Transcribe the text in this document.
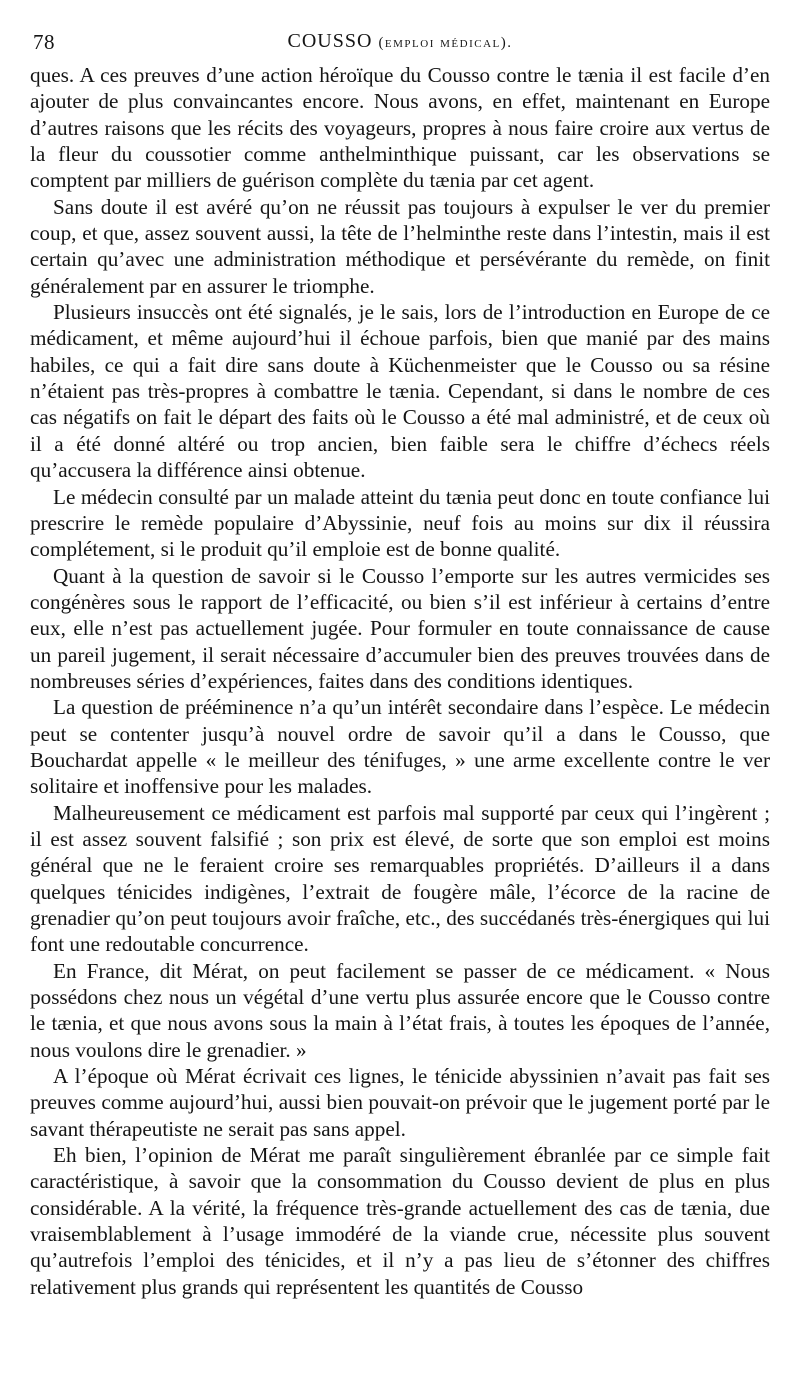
78	COUSSO (emploi médical).

ques. A ces preuves d’une action héroïque du Cousso contre le tænia il est facile d’en ajouter de plus convaincantes encore. Nous avons, en effet, maintenant en Europe d’autres raisons que les récits des voyageurs, propres à nous faire croire aux vertus de la fleur du coussotier comme anthelminthique puissant, car les observations se comptent par milliers de guérison complète du tænia par cet agent.

Sans doute il est avéré qu’on ne réussit pas toujours à expulser le ver du premier coup, et que, assez souvent aussi, la tête de l’helminthe reste dans l’intestin, mais il est certain qu’avec une administration méthodique et persévérante du remède, on finit généralement par en assurer le triomphe.

Plusieurs insuccès ont été signalés, je le sais, lors de l’introduction en Europe de ce médicament, et même aujourd’hui il échoue parfois, bien que manié par des mains habiles, ce qui a fait dire sans doute à Küchenmeister que le Cousso ou sa résine n’étaient pas très-propres à combattre le tænia. Cependant, si dans le nombre de ces cas négatifs on fait le départ des faits où le Cousso a été mal administré, et de ceux où il a été donné altéré ou trop ancien, bien faible sera le chiffre d’échecs réels qu’accusera la différence ainsi obtenue.

Le médecin consulté par un malade atteint du tænia peut donc en toute confiance lui prescrire le remède populaire d’Abyssinie, neuf fois au moins sur dix il réussira complétement, si le produit qu’il emploie est de bonne qualité.

Quant à la question de savoir si le Cousso l’emporte sur les autres vermicides ses congénères sous le rapport de l’efficacité, ou bien s’il est inférieur à certains d’entre eux, elle n’est pas actuellement jugée. Pour formuler en toute connaissance de cause un pareil jugement, il serait nécessaire d’accumuler bien des preuves trouvées dans de nombreuses séries d’expériences, faites dans des conditions identiques.

La question de prééminence n’a qu’un intérêt secondaire dans l’espèce. Le médecin peut se contenter jusqu’à nouvel ordre de savoir qu’il a dans le Cousso, que Bouchardat appelle « le meilleur des ténifuges, » une arme excellente contre le ver solitaire et inoffensive pour les malades.

Malheureusement ce médicament est parfois mal supporté par ceux qui l’ingèrent ; il est assez souvent falsifié ; son prix est élevé, de sorte que son emploi est moins général que ne le feraient croire ses remarquables propriétés. D’ailleurs il a dans quelques ténicides indigènes, l’extrait de fougère mâle, l’écorce de la racine de grenadier qu’on peut toujours avoir fraîche, etc., des succédanés très-énergiques qui lui font une redoutable concurrence.

En France, dit Mérat, on peut facilement se passer de ce médicament. « Nous possédons chez nous un végétal d’une vertu plus assurée encore que le Cousso contre le tænia, et que nous avons sous la main à l’état frais, à toutes les époques de l’année, nous voulons dire le grenadier. »

A l’époque où Mérat écrivait ces lignes, le ténicide abyssinien n’avait pas fait ses preuves comme aujourd’hui, aussi bien pouvait-on prévoir que le jugement porté par le savant thérapeutiste ne serait pas sans appel.

Eh bien, l’opinion de Mérat me paraît singulièrement ébranlée par ce simple fait caractéristique, à savoir que la consommation du Cousso devient de plus en plus considérable. A la vérité, la fréquence très-grande actuellement des cas de tænia, due vraisemblablement à l’usage immodéré de la viande crue, nécessite plus souvent qu’autrefois l’emploi des ténicides, et il n’y a pas lieu de s’étonner des chiffres relativement plus grands qui représentent les quantités de Cousso
